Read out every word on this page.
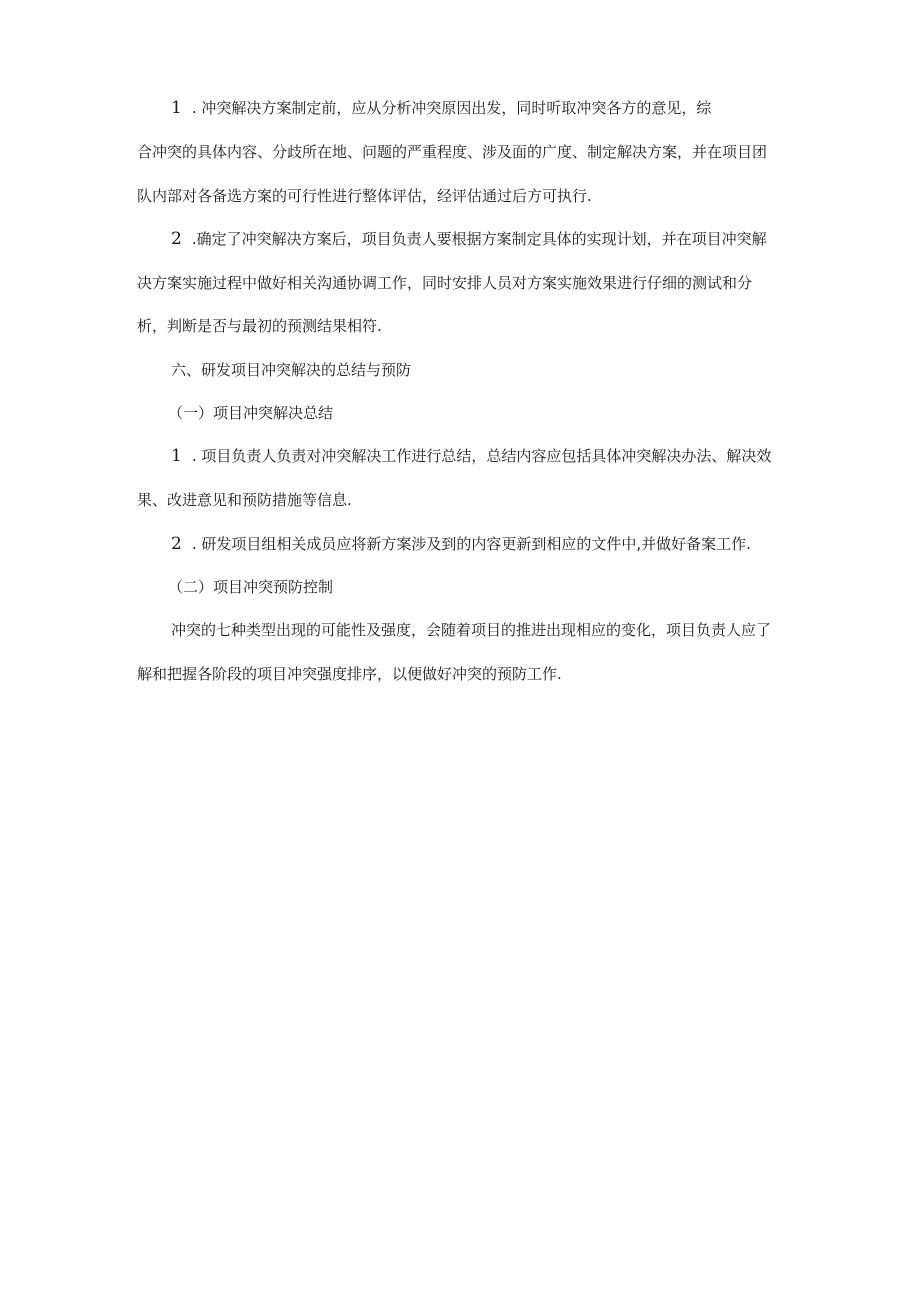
1 . 冲突解决方案制定前，应从分析冲突原因出发，同时听取冲突各方的意见，综
合冲突的具体内容、分歧所在地、问题的严重程度、涉及面的广度、制定解决方案，并在项目团
队内部对各备选方案的可行性进行整体评估，经评估通过后方可执行.
2 .确定了冲突解决方案后，项目负责人要根据方案制定具体的实现计划，并在项目冲突解
决方案实施过程中做好相关沟通协调工作，同时安排人员对方案实施效果进行仔细的测试和分
析，判断是否与最初的预测结果相符.
六、研发项目冲突解决的总结与预防
（一）项目冲突解决总结
1 . 项目负责人负责对冲突解决工作进行总结，总结内容应包括具体冲突解决办法、解决效
果、改进意见和预防措施等信息.
2 . 研发项目组相关成员应将新方案涉及到的内容更新到相应的文件中,并做好备案工作.
（二）项目冲突预防控制
冲突的七种类型出现的可能性及强度，会随着项目的推进出现相应的变化，项目负责人应了
解和把握各阶段的项目冲突强度排序，以便做好冲突的预防工作.
